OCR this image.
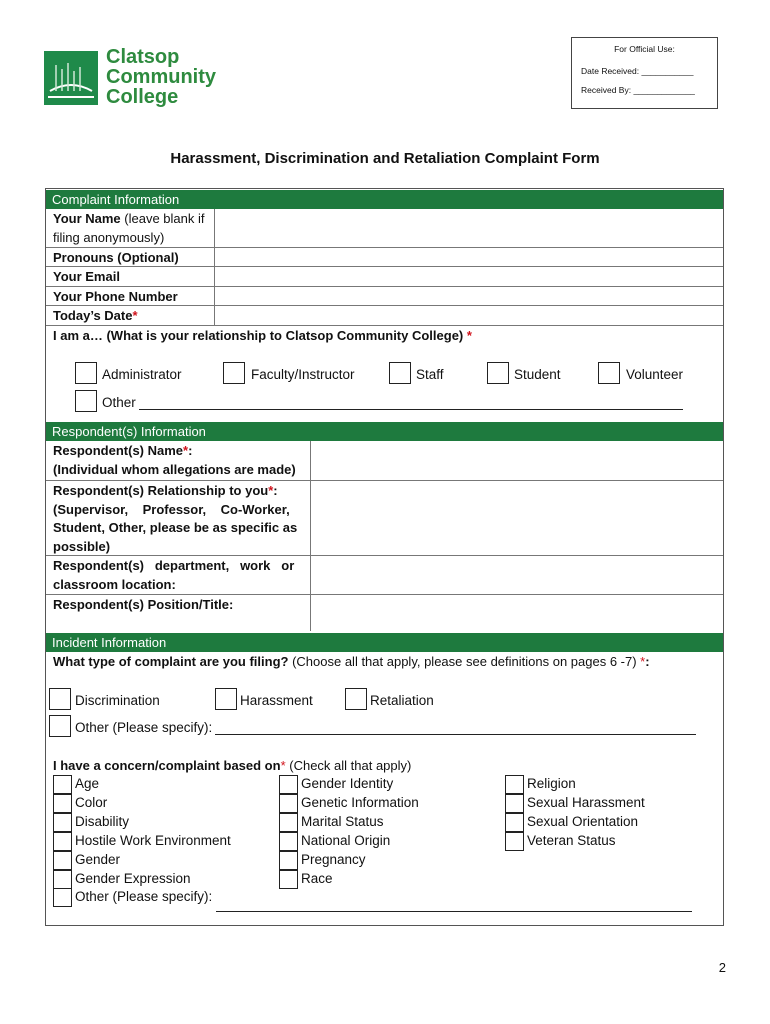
Clatsop
Community
College
For Official Use:
Date Received: ___________
Received By: _____________
Harassment, Discrimination and Retaliation Complaint Form
Complaint Information
Your Name (leave blank if
filing anonymously)
Pronouns (Optional)
Your Email
Your Phone Number
Today’s Date*
I am a… (What is your relationship to Clatsop Community College) *
Administrator	Faculty/Instructor	Staff	Student	Volunteer
Other
Respondent(s) Information
Respondent(s) Name*:
(Individual whom allegations are made)
Respondent(s) Relationship to you*:
(Supervisor,    Professor,    Co-Worker,
Student, Other, please be as specific as
possible)
Respondent(s)   department,   work   or
classroom location:
Respondent(s) Position/Title:
Incident Information
What type of complaint are you filing? (Choose all that apply, please see definitions on pages 6 -7) *:
Discrimination	Harassment	Retaliation
Other (Please specify):
I have a concern/complaint based on* (Check all that apply)
Age
Color
Disability
Hostile Work Environment
Gender
Gender Expression
Other (Please specify):
Gender Identity
Genetic Information
Marital Status
National Origin
Pregnancy
Race
Religion
Sexual Harassment
Sexual Orientation
Veteran Status
2
